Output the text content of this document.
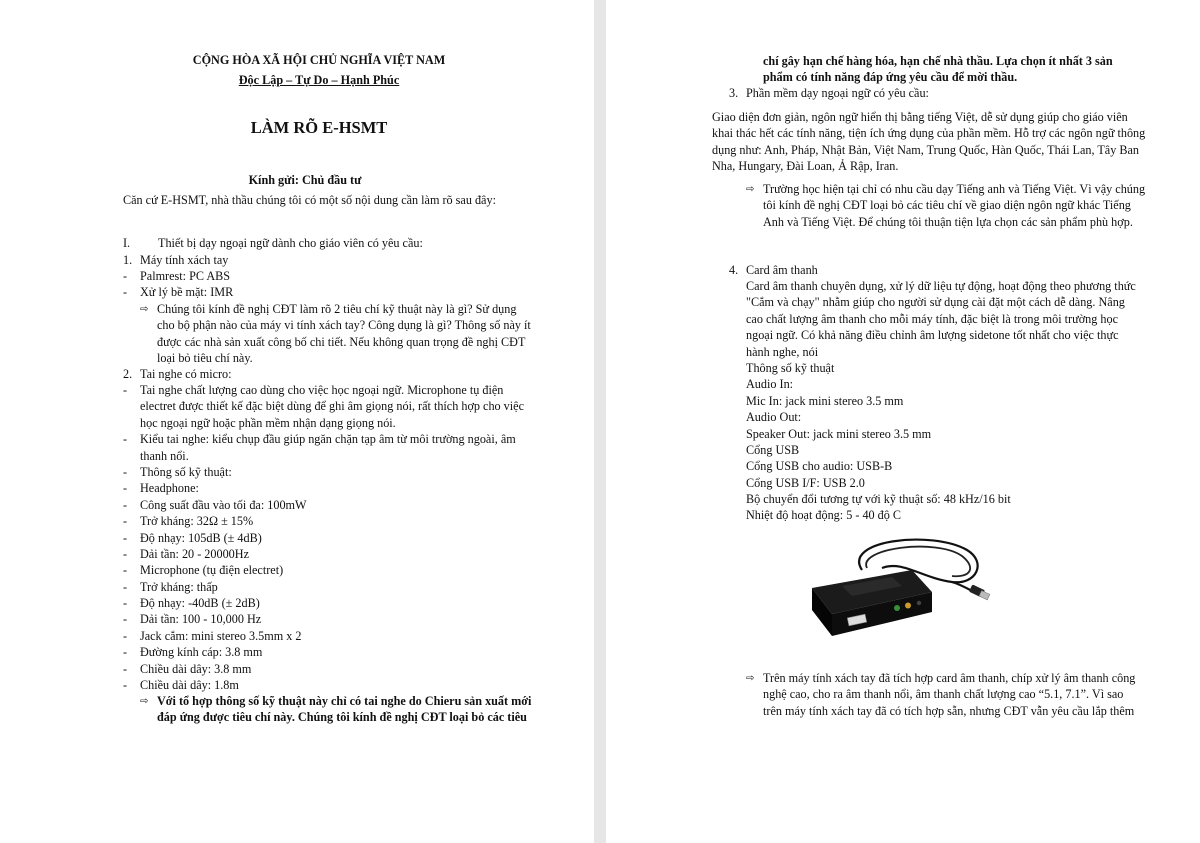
CỘNG HÒA XÃ HỘI CHỦ NGHĨA VIỆT NAM
Độc Lập – Tự Do – Hạnh Phúc
LÀM RÕ E-HSMT
Kính gửi: Chủ đầu tư
Căn cứ E-HSMT, nhà thầu chúng tôi có một số nội dung cần làm rõ sau đây:
I. Thiết bị dạy ngoại ngữ dành cho giáo viên có yêu cầu:
1. Máy tính xách tay
- Palmrest: PC ABS
- Xử lý bề mặt: IMR
⇨ Chúng tôi kính đề nghị CĐT làm rõ 2 tiêu chí kỹ thuật này là gì? Sử dụng
cho bộ phận nào của máy vi tính xách tay? Công dụng là gì? Thông số này ít
được các nhà sản xuất công bố chi tiết. Nếu không quan trọng đề nghị CĐT
loại bỏ tiêu chí này.
2. Tai nghe có micro:
- Tai nghe chất lượng cao dùng cho việc học ngoại ngữ. Microphone tụ điện
electret được thiết kế đặc biệt dùng để ghi âm giọng nói, rất thích hợp cho việc
học ngoại ngữ hoặc phần mềm nhận dạng giọng nói.
- Kiểu tai nghe: kiểu chụp đầu giúp ngăn chặn tạp âm từ môi trường ngoài, âm
thanh nổi.
- Thông số kỹ thuật:
- Headphone:
- Công suất đầu vào tối đa: 100mW
- Trở kháng: 32Ω ± 15%
- Độ nhạy: 105dB (± 4dB)
- Dải tần: 20 - 20000Hz
- Microphone (tụ điện electret)
- Trở kháng: thấp
- Độ nhạy: -40dB (± 2dB)
- Dải tần: 100 - 10,000 Hz
- Jack cắm: mini stereo 3.5mm x 2
- Đường kính cáp: 3.8 mm
- Chiều dài dây: 3.8 mm
- Chiều dài dây: 1.8m
⇨ Với tổ hợp thông số kỹ thuật này chỉ có tai nghe do Chieru sản xuất mới
đáp ứng được tiêu chí này. Chúng tôi kính đề nghị CĐT loại bỏ các tiêu
chí gây hạn chế hàng hóa, hạn chế nhà thầu. Lựa chọn ít nhất 3 sản
phẩm có tính năng đáp ứng yêu cầu để mời thầu.
3. Phần mềm dạy ngoại ngữ có yêu cầu:
Giao diện đơn giản, ngôn ngữ hiển thị bằng tiếng Việt, dễ sử dụng giúp cho giáo viên
khai thác hết các tính năng, tiện ích ứng dụng của phần mềm. Hỗ trợ các ngôn ngữ thông
dụng như: Anh, Pháp, Nhật Bản, Việt Nam, Trung Quốc, Hàn Quốc, Thái Lan, Tây Ban
Nha, Hungary, Đài Loan, Ả Rập, Iran.
⇨ Trường học hiện tại chỉ có nhu cầu dạy Tiếng anh và Tiếng Việt. Vì vậy chúng
tôi kính đề nghị CĐT loại bỏ các tiêu chí về giao diện ngôn ngữ khác Tiếng
Anh và Tiếng Việt. Để chúng tôi thuận tiện lựa chọn các sản phẩm phù hợp.
4. Card âm thanh
Card âm thanh chuyên dụng, xử lý dữ liệu tự động, hoạt động theo phương thức
"Cắm và chạy" nhằm giúp cho người sử dụng cài đặt một cách dễ dàng. Nâng
cao chất lượng âm thanh cho mỗi máy tính, đặc biệt là trong môi trường học
ngoại ngữ. Có khả năng điều chỉnh âm lượng sidetone tốt nhất cho việc thực
hành nghe, nói
Thông số kỹ thuật
Audio In:
Mic In: jack mini stereo 3.5 mm
Audio Out:
Speaker Out: jack mini stereo 3.5 mm
Cổng USB
Cổng USB cho audio: USB-B
Cổng USB I/F: USB 2.0
Bộ chuyển đổi tương tự với kỹ thuật số: 48 kHz/16 bit
Nhiệt độ hoạt động: 5 - 40 độ C
⇨ Trên máy tính xách tay đã tích hợp card âm thanh, chíp xử lý âm thanh công
nghệ cao, cho ra âm thanh nổi, âm thanh chất lượng cao “5.1, 7.1”. Vì sao
trên máy tính xách tay đã có tích hợp sẵn, nhưng CĐT vẫn yêu cầu lắp thêm
